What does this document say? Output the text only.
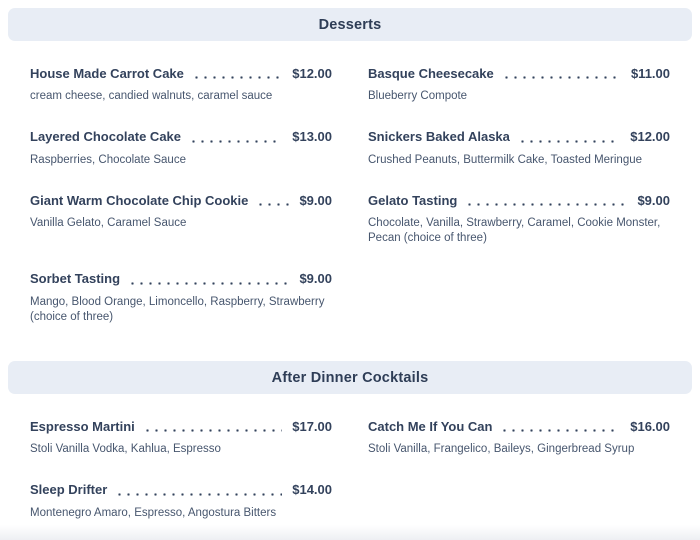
Desserts
House Made Carrot Cake	$12.00
cream cheese, candied walnuts, caramel sauce
Basque Cheesecake	$11.00
Blueberry Compote
Layered Chocolate Cake	$13.00
Raspberries, Chocolate Sauce
Snickers Baked Alaska	$12.00
Crushed Peanuts, Buttermilk Cake, Toasted Meringue
Giant Warm Chocolate Chip Cookie	$9.00
Vanilla Gelato, Caramel Sauce
Gelato Tasting	$9.00
Chocolate, Vanilla, Strawberry, Caramel, Cookie Monster, Pecan (choice of three)
Sorbet Tasting	$9.00
Mango, Blood Orange, Limoncello, Raspberry, Strawberry (choice of three)
After Dinner Cocktails
Espresso Martini	$17.00
Stoli Vanilla Vodka, Kahlua, Espresso
Catch Me If You Can	$16.00
Stoli Vanilla, Frangelico, Baileys, Gingerbread Syrup
Sleep Drifter	$14.00
Montenegro Amaro, Espresso, Angostura Bitters
